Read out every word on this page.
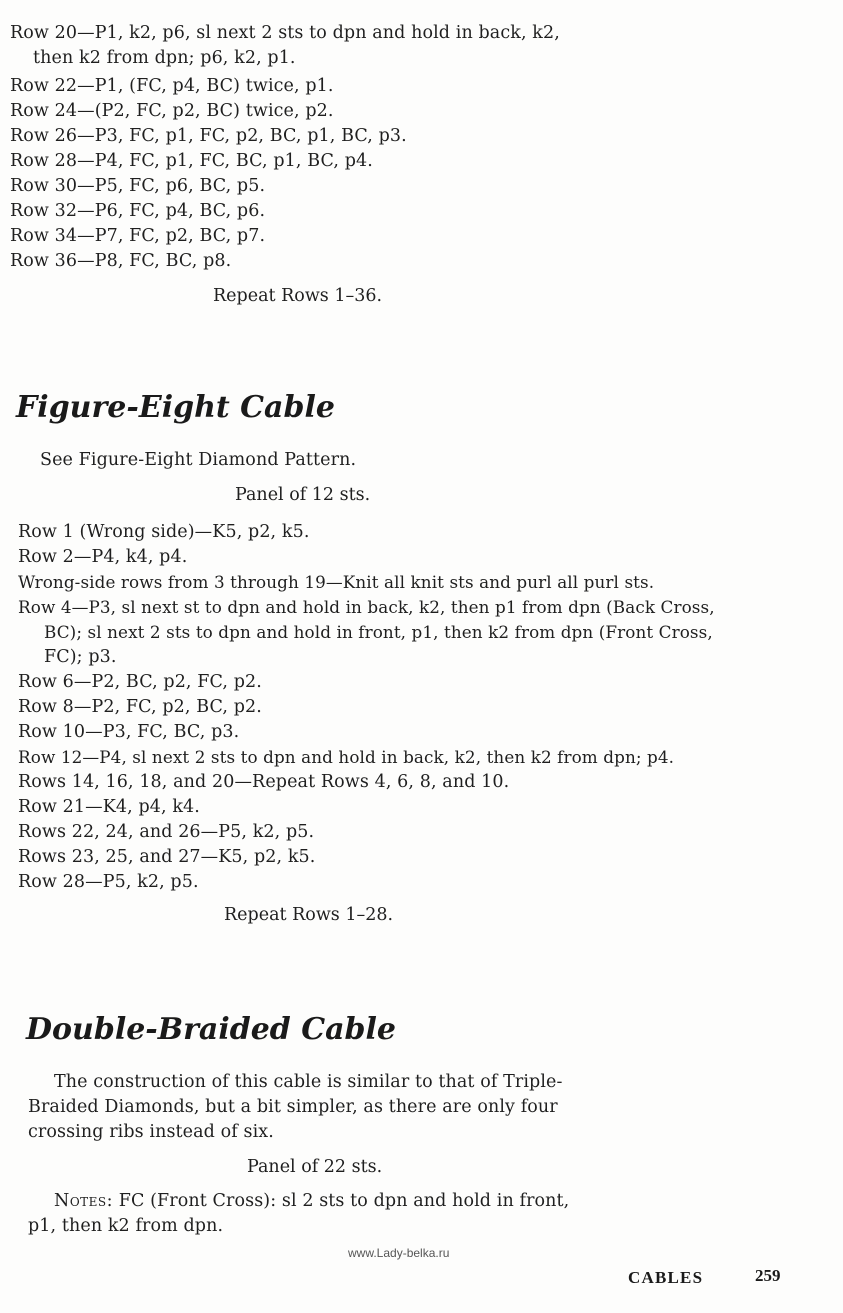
Row 20—P1, k2, p6, sl next 2 sts to dpn and hold in back, k2,
then k2 from dpn; p6, k2, p1.
Row 22—P1, (FC, p4, BC) twice, p1.
Row 24—(P2, FC, p2, BC) twice, p2.
Row 26—P3, FC, p1, FC, p2, BC, p1, BC, p3.
Row 28—P4, FC, p1, FC, BC, p1, BC, p4.
Row 30—P5, FC, p6, BC, p5.
Row 32—P6, FC, p4, BC, p6.
Row 34—P7, FC, p2, BC, p7.
Row 36—P8, FC, BC, p8.
Repeat Rows 1–36.
Figure-Eight Cable
See Figure-Eight Diamond Pattern.
Panel of 12 sts.
Row 1 (Wrong side)—K5, p2, k5.
Row 2—P4, k4, p4.
Wrong-side rows from 3 through 19—Knit all knit sts and purl all purl sts.
Row 4—P3, sl next st to dpn and hold in back, k2, then p1 from dpn (Back Cross,
BC); sl next 2 sts to dpn and hold in front, p1, then k2 from dpn (Front Cross,
FC); p3.
Row 6—P2, BC, p2, FC, p2.
Row 8—P2, FC, p2, BC, p2.
Row 10—P3, FC, BC, p3.
Row 12—P4, sl next 2 sts to dpn and hold in back, k2, then k2 from dpn; p4.
Rows 14, 16, 18, and 20—Repeat Rows 4, 6, 8, and 10.
Row 21—K4, p4, k4.
Rows 22, 24, and 26—P5, k2, p5.
Rows 23, 25, and 27—K5, p2, k5.
Row 28—P5, k2, p5.
Repeat Rows 1–28.
Double-Braided Cable
The construction of this cable is similar to that of Triple-
Braided Diamonds, but a bit simpler, as there are only four
crossing ribs instead of six.
Panel of 22 sts.
Notes: FC (Front Cross): sl 2 sts to dpn and hold in front,
p1, then k2 from dpn.
www.Lady-belka.ru
CABLES	259
